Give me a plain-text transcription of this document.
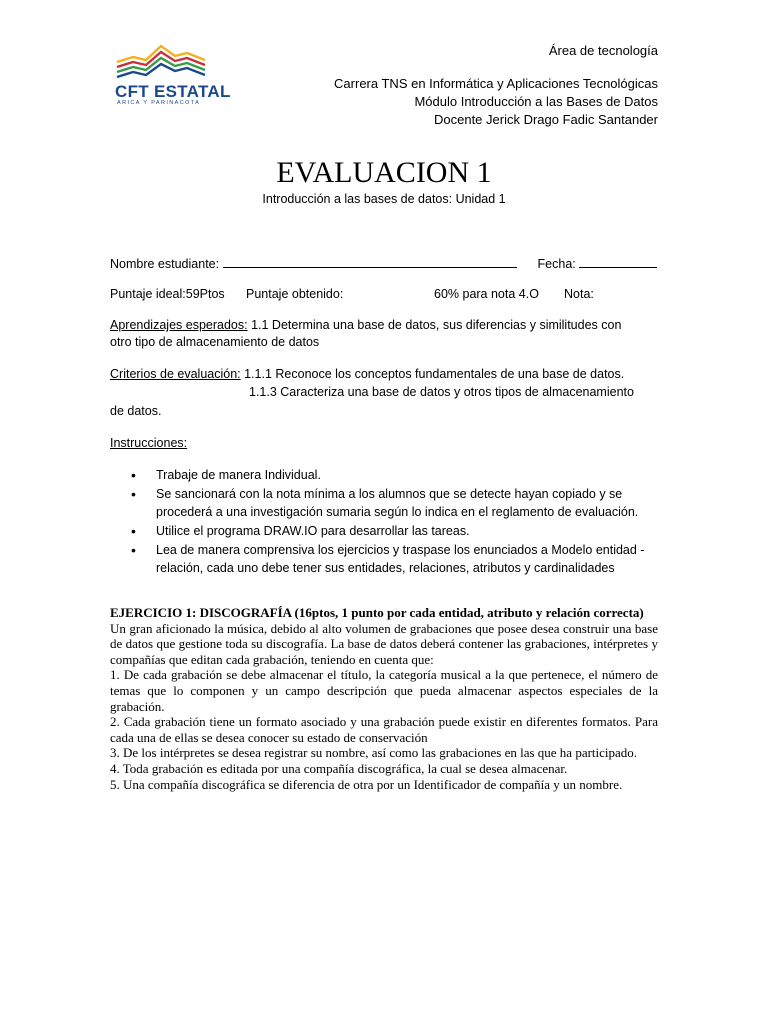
CFT ESTATAL
ARICA Y PARINACOTA
Área de tecnología
Carrera TNS en Informática y Aplicaciones Tecnológicas
Módulo Introducción a las Bases de Datos
Docente Jerick Drago Fadic Santander
EVALUACION 1
Introducción a las bases de datos: Unidad 1
Nombre estudiante:	Fecha:
Puntaje ideal:59Ptos Puntaje obtenido:	60% para nota 4.O Nota:
Aprendizajes esperados: 1.1 Determina una base de datos, sus diferencias y similitudes con
otro tipo de almacenamiento de datos
Criterios de evaluación: 1.1.1 Reconoce los conceptos fundamentales de una base de datos.
1.1.3 Caracteriza una base de datos y otros tipos de almacenamiento
de datos.
Instrucciones:
• Trabaje de manera Individual.
• Se sancionará con la nota mínima a los alumnos que se detecte hayan copiado y se procederá a una investigación sumaria según lo indica en el reglamento de evaluación.
• Utilice el programa DRAW.IO para desarrollar las tareas.
• Lea de manera comprensiva los ejercicios y traspase los enunciados a Modelo entidad -relación, cada uno debe tener sus entidades, relaciones, atributos y cardinalidades

EJERCICIO 1: DISCOGRAFÍA (16ptos, 1 punto por cada entidad, atributo y relación correcta)

Un gran aficionado la música, debido al alto volumen de grabaciones que posee desea construir una base de datos que gestione toda su discografía. La base de datos deberá contener las grabaciones, intérpretes y compañías que editan cada grabación, teniendo en cuenta que:

1. De cada grabación se debe almacenar el título, la categoría musical a la que pertenece, el número de temas que lo componen y un campo descripción que pueda almacenar aspectos especiales de la grabación.

2. Cada grabación tiene un formato asociado y una grabación puede existir en diferentes formatos. Para cada una de ellas se desea conocer su estado de conservación

3. De los intérpretes se desea registrar su nombre, así como las grabaciones en las que ha participado.

4. Toda grabación es editada por una compañía discográfica, la cual se desea almacenar.

5. Una compañía discográfica se diferencia de otra por un Identificador de compañía y un nombre.
